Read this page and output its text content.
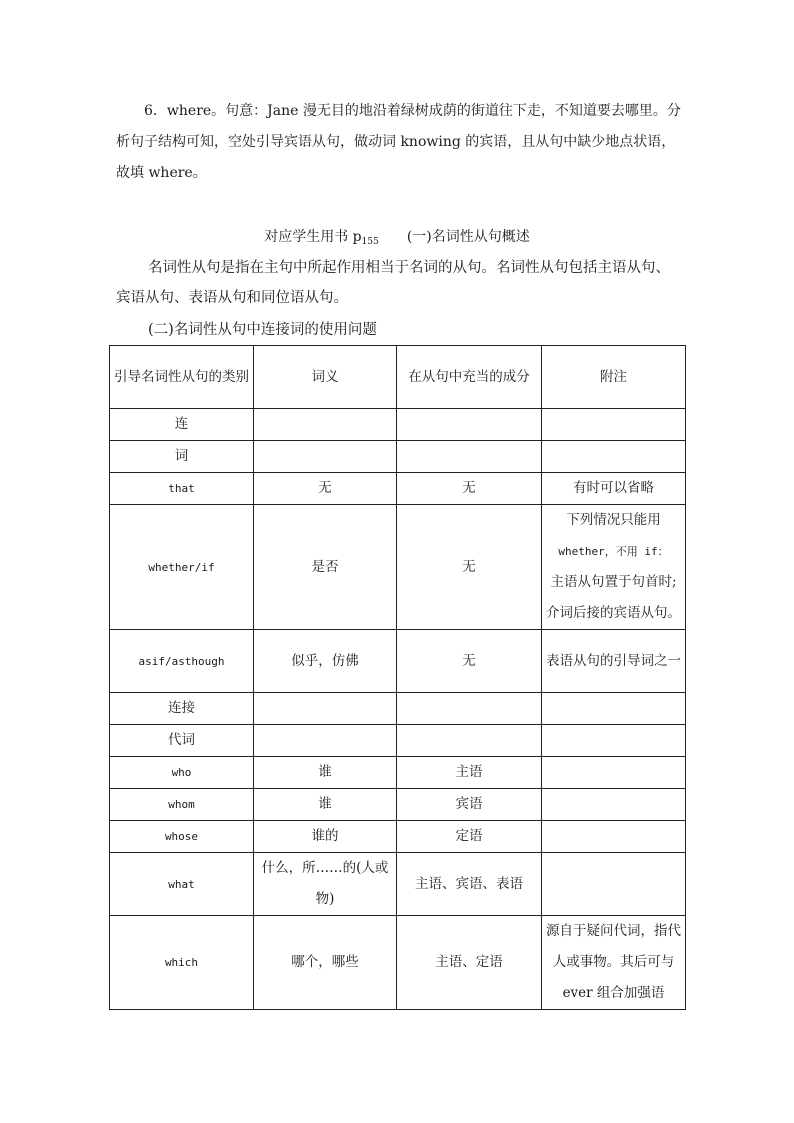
6．where。句意：Jane 漫无目的地沿着绿树成荫的街道往下走，不知道要去哪里。分析句子结构可知，空处引导宾语从句，做动词 knowing 的宾语，且从句中缺少地点状语，故填 where。

对应学生用书 $p_{155}$ (一)名词性从句概述

名词性从句是指在主句中所起作用相当于名词的从句。名词性从句包括主语从句、宾语从句、表语从句和同位语从句。

(二)名词性从句中连接词的使用问题

引导名词性从句的类别	词义	在从句中充当的成分	附注
连			
词			
that	无	无	有时可以省略
whether/if	是否	无	下列情况只能用
whether，不用 if：
主语从句置于句首时;
介词后接的宾语从句。

asif/asthough	似乎，仿佛	无	表语从句的引导词之一
连接			
代词			
who	谁	主语	
whom	谁	宾语	
whose	谁的	定语	
what	什么，所……的(人或物)	主语、宾语、表语	
which	哪个，哪些	主语、定语	源自于疑问代词，指代人或事物。其后可与 ever 组合加强语
